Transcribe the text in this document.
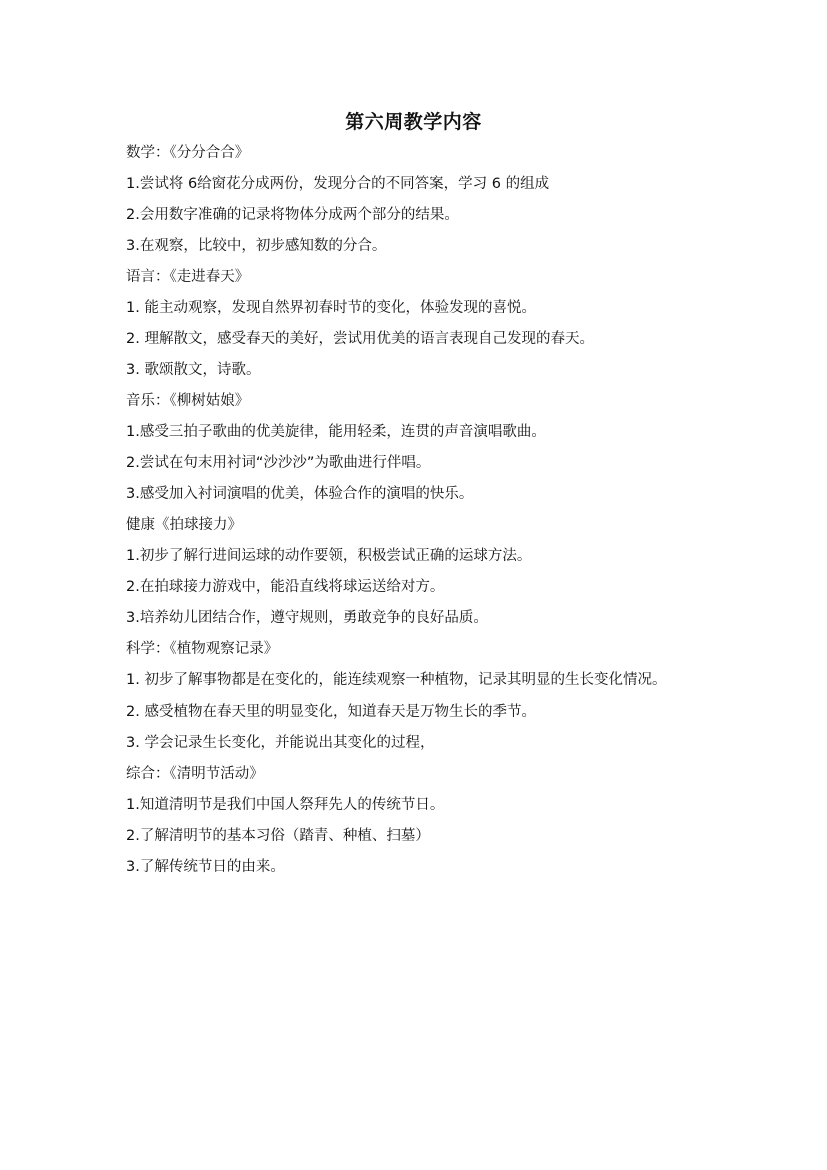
第六周教学内容
数学：《分分合合》
1.尝试将 6给窗花分成两份，发现分合的不同答案，学习 6 的组成
2.会用数字准确的记录将物体分成两个部分的结果。
3.在观察，比较中，初步感知数的分合。
语言：《走进春天》
1. 能主动观察，发现自然界初春时节的变化，体验发现的喜悦。
2. 理解散文，感受春天的美好，尝试用优美的语言表现自己发现的春天。
3. 歌颂散文，诗歌。
音乐：《柳树姑娘》
1.感受三拍子歌曲的优美旋律，能用轻柔，连贯的声音演唱歌曲。
2.尝试在句末用衬词“沙沙沙”为歌曲进行伴唱。
3.感受加入衬词演唱的优美，体验合作的演唱的快乐。
健康《拍球接力》
1.初步了解行进间运球的动作要领，积极尝试正确的运球方法。
2.在拍球接力游戏中，能沿直线将球运送给对方。
3.培养幼儿团结合作，遵守规则，勇敢竞争的良好品质。
科学：《植物观察记录》
1. 初步了解事物都是在变化的，能连续观察一种植物，记录其明显的生长变化情况。
2. 感受植物在春天里的明显变化，知道春天是万物生长的季节。
3. 学会记录生长变化，并能说出其变化的过程，
综合：《清明节活动》
1.知道清明节是我们中国人祭拜先人的传统节日。
2.了解清明节的基本习俗（踏青、种植、扫墓）
3.了解传统节日的由来。
